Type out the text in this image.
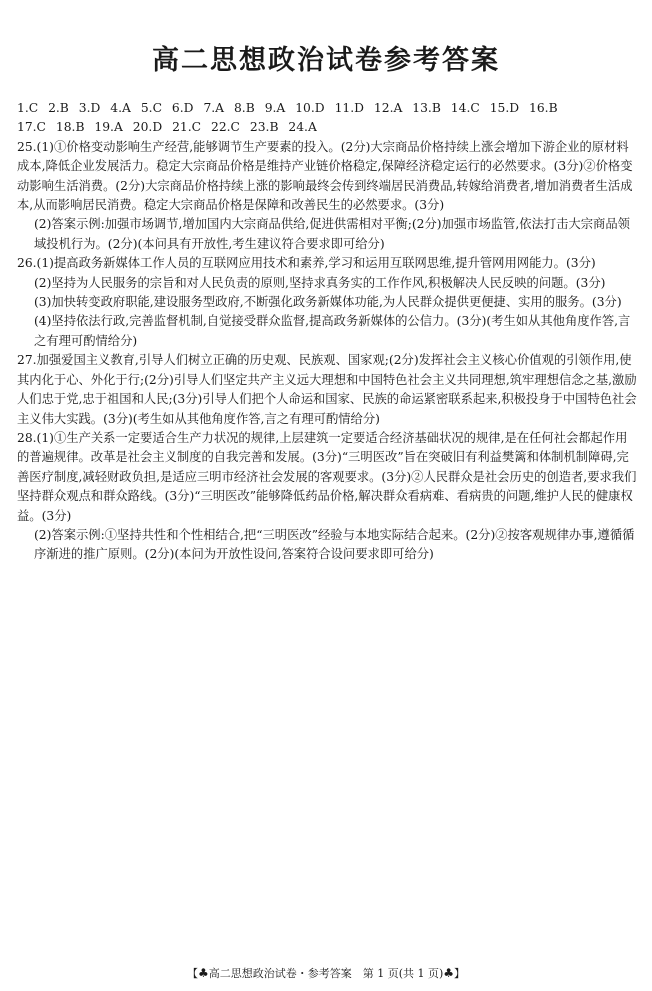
高二思想政治试卷参考答案
1.C 2.B 3.D 4.A 5.C 6.D 7.A 8.B 9.A 10.D 11.D 12.A 13.B 14.C 15.D 16.B
17.C 18.B 19.A 20.D 21.C 22.C 23.B 24.A

25.(1)①价格变动影响生产经营,能够调节生产要素的投入。(2分)大宗商品价格持续上涨会增加下游企业的原材料成本,降低企业发展活力。稳定大宗商品价格是维持产业链价格稳定,保障经济稳定运行的必然要求。(3分)②价格变动影响生活消费。(2分)大宗商品价格持续上涨的影响最终会传到终端居民消费品,转嫁给消费者,增加消费者生活成本,从而影响居民消费。稳定大宗商品价格是保障和改善民生的必然要求。(3分)

(2)答案示例:加强市场调节,增加国内大宗商品供给,促进供需相对平衡;(2分)加强市场监管,依法打击大宗商品领域投机行为。(2分)(本问具有开放性,考生建议符合要求即可给分)

26.(1)提高政务新媒体工作人员的互联网应用技术和素养,学习和运用互联网思维,提升管网用网能力。(3分)

(2)坚持为人民服务的宗旨和对人民负责的原则,坚持求真务实的工作作风,积极解决人民反映的问题。(3分)

(3)加快转变政府职能,建设服务型政府,不断强化政务新媒体功能,为人民群众提供更便捷、实用的服务。(3分)

(4)坚持依法行政,完善监督机制,自觉接受群众监督,提高政务新媒体的公信力。(3分)(考生如从其他角度作答,言之有理可酌情给分)

27.加强爱国主义教育,引导人们树立正确的历史观、民族观、国家观;(2分)发挥社会主义核心价值观的引领作用,使其内化于心、外化于行;(2分)引导人们坚定共产主义远大理想和中国特色社会主义共同理想,筑牢理想信念之基,激励人们忠于党,忠于祖国和人民;(3分)引导人们把个人命运和国家、民族的命运紧密联系起来,积极投身于中国特色社会主义伟大实践。(3分)(考生如从其他角度作答,言之有理可酌情给分)

28.(1)①生产关系一定要适合生产力状况的规律,上层建筑一定要适合经济基础状况的规律,是在任何社会都起作用的普遍规律。改革是社会主义制度的自我完善和发展。(3分)“三明医改”旨在突破旧有利益樊篱和体制机制障碍,完善医疗制度,减轻财政负担,是适应三明市经济社会发展的客观要求。(3分)②人民群众是社会历史的创造者,要求我们坚持群众观点和群众路线。(3分)“三明医改”能够降低药品价格,解决群众看病难、看病贵的问题,维护人民的健康权益。(3分)

(2)答案示例:①坚持共性和个性相结合,把“三明医改”经验与本地实际结合起来。(2分)②按客观规律办事,遵循循序渐进的推广原则。(2分)(本问为开放性设问,答案符合设问要求即可给分)

【♣高二思想政治试卷・参考答案　第 1 页(共 1 页)♣】
